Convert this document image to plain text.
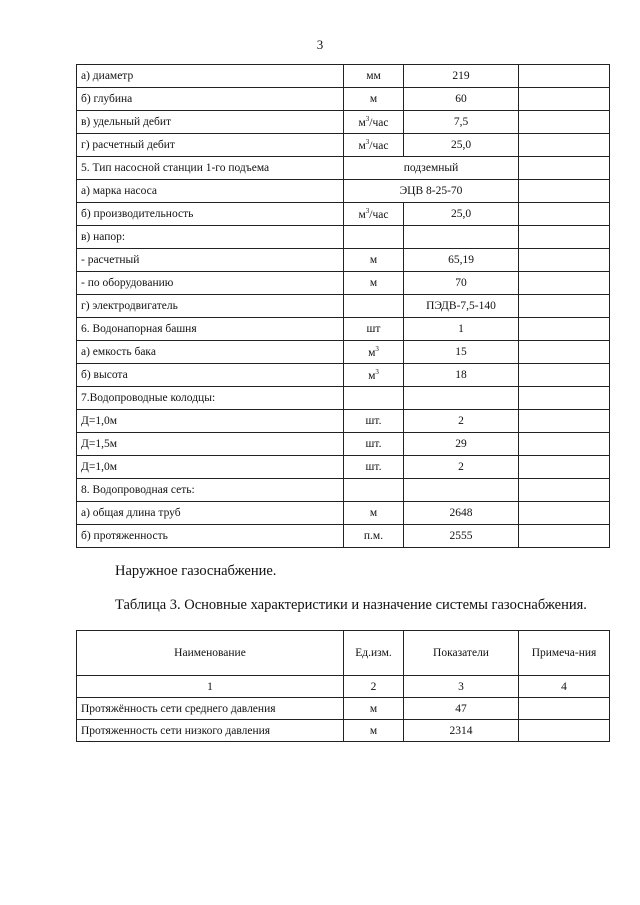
3
а) диаметр	мм	219	
б) глубина	м	60	
в) удельный дебит	$м^3$/час	7,5	
г) расчетный дебит	$м^3$/час	25,0	
5. Тип насосной станции 1-го подъема	подземный		
а) марка насоса	ЭЦВ 8-25-70		
б) производительность	$м^3$/час	25,0	
в) напор:			
- расчетный	м	65,19	
- по оборудованию	м	70	
г) электродвигатель		ПЭДВ-7,5-140	
6. Водонапорная башня	шт	1	
а) емкость бака	$м^3$	15	
б) высота	$м^3$	18	
7.Водопроводные колодцы:			
Д=1,0м	шт.	2	
Д=1,5м	шт.	29	
Д=1,0м	шт.	2	
8. Водопроводная сеть:			
а) общая длина труб	м	2648	
б) протяженность	п.м.	2555	
Наружное газоснабжение.
Таблица 3. Основные характеристики и назначение системы газоснабжения.
Наименование	Ед.изм.	Показатели	Примеча-ния
1	2	3	4
Протяжённость сети среднего давления	м	47	
Протяженность сети низкого давления	м	2314	
